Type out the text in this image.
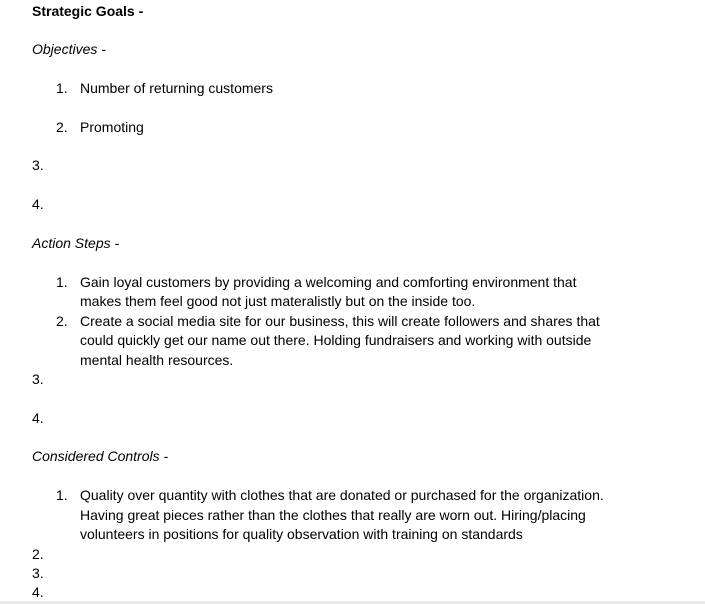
Strategic Goals -
Objectives -
1. Number of returning customers
2. Promoting
3.
4.
Action Steps -
1. Gain loyal customers by providing a welcoming and comforting environment that
makes them feel good not just materalistly but on the inside too.
2. Create a social media site for our business, this will create followers and shares that
could quickly get our name out there. Holding fundraisers and working with outside
mental health resources.
3.
4.
Considered Controls -
1. Quality over quantity with clothes that are donated or purchased for the organization.
Having great pieces rather than the clothes that really are worn out. Hiring/placing
volunteers in positions for quality observation with training on standards
2.
3.
4.
